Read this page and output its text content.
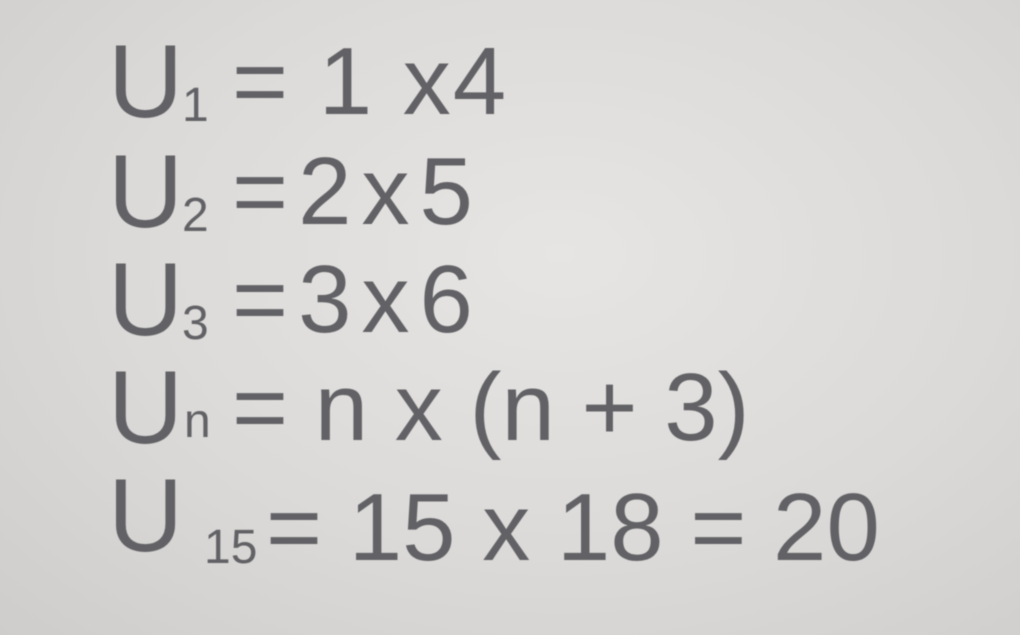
U 1 = 1 x4
U 2 =2x5
U 3 =3x6
U n = n x (n + 3)
U 15 = 15 x 18 = 20
